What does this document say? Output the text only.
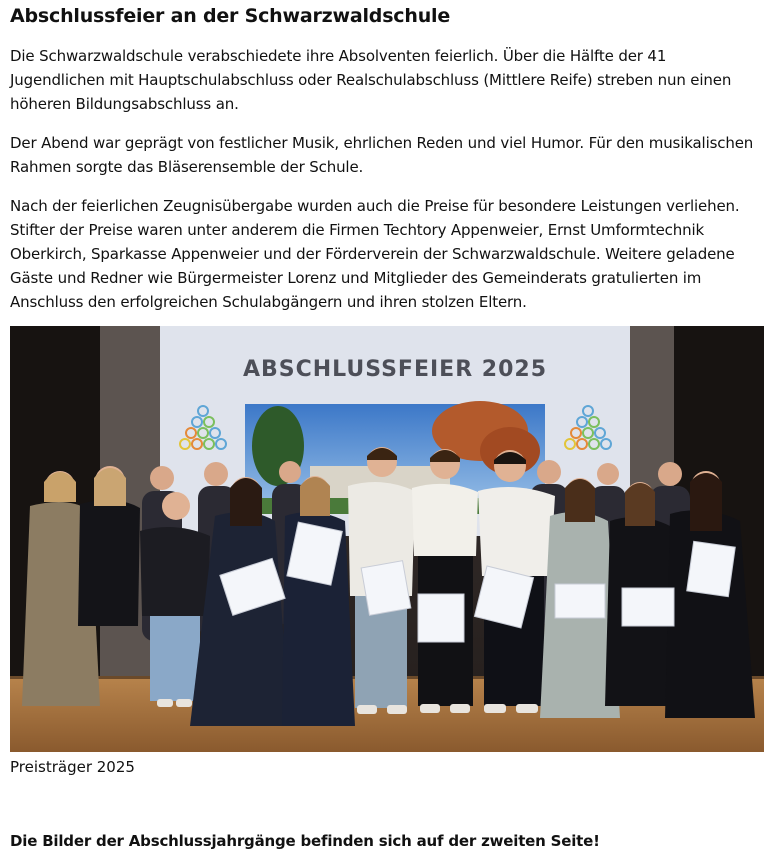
Abschlussfeier an der Schwarzwaldschule

Die Schwarzwaldschule verabschiedete ihre Absolventen feierlich. Über die Hälfte der 41 Jugendlichen mit Hauptschulabschluss oder Realschulabschluss (Mittlere Reife) streben nun einen höheren Bildungsabschluss an.

Der Abend war geprägt von festlicher Musik, ehrlichen Reden und viel Humor. Für den musikalischen Rahmen sorgte das Bläserensemble der Schule.

Nach der feierlichen Zeugnisübergabe wurden auch die Preise für besondere Leistungen verliehen. Stifter der Preise waren unter anderem die Firmen Techtory Appenweier, Ernst Umformtechnik Oberkirch, Sparkasse Appenweier und der Förderverein der Schwarzwaldschule. Weitere geladene Gäste und Redner wie Bürgermeister Lorenz und Mitglieder des Gemeinderats gratulierten im Anschluss den erfolgreichen Schulabgängern und ihren stolzen Eltern.

ABSCHLUSSFEIER 2025

Preisträger 2025

Die Bilder der Abschlussjahrgänge befinden sich auf der zweiten Seite!
